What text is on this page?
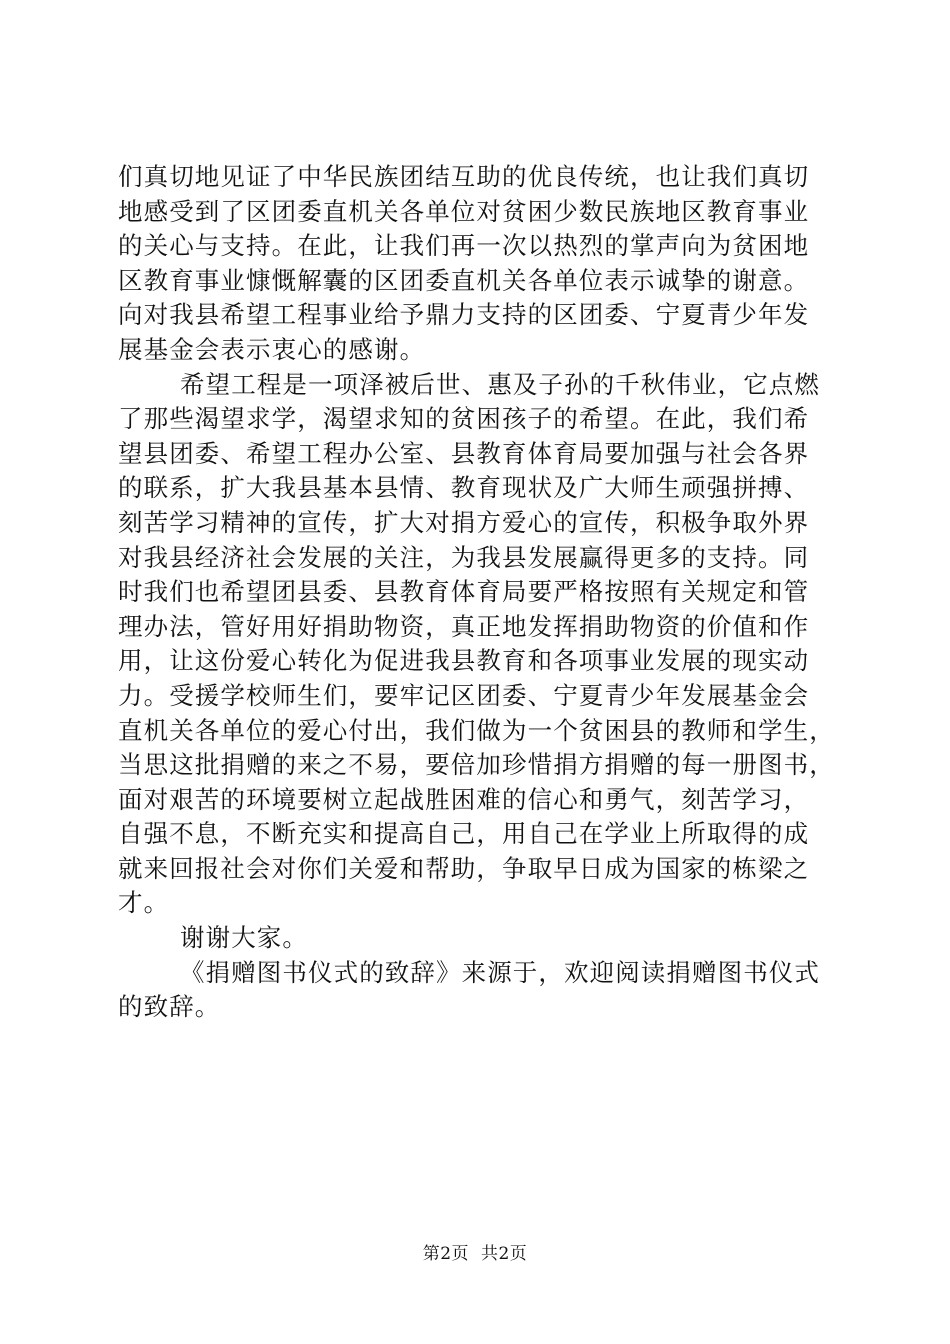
们真切地见证了中华民族团结互助的优良传统，也让我们真切
地感受到了区团委直机关各单位对贫困少数民族地区教育事业
的关心与支持。在此，让我们再一次以热烈的掌声向为贫困地
区教育事业慷慨解囊的区团委直机关各单位表示诚挚的谢意。
向对我县希望工程事业给予鼎力支持的区团委、宁夏青少年发
展基金会表示衷心的感谢。
希望工程是一项泽被后世、惠及子孙的千秋伟业，它点燃
了那些渴望求学，渴望求知的贫困孩子的希望。在此，我们希
望县团委、希望工程办公室、县教育体育局要加强与社会各界
的联系，扩大我县基本县情、教育现状及广大师生顽强拼搏、
刻苦学习精神的宣传，扩大对捐方爱心的宣传，积极争取外界
对我县经济社会发展的关注，为我县发展赢得更多的支持。同
时我们也希望团县委、县教育体育局要严格按照有关规定和管
理办法，管好用好捐助物资，真正地发挥捐助物资的价值和作
用，让这份爱心转化为促进我县教育和各项事业发展的现实动
力。受援学校师生们，要牢记区团委、宁夏青少年发展基金会
直机关各单位的爱心付出，我们做为一个贫困县的教师和学生，
当思这批捐赠的来之不易，要倍加珍惜捐方捐赠的每一册图书，
面对艰苦的环境要树立起战胜困难的信心和勇气，刻苦学习，
自强不息，不断充实和提高自己，用自己在学业上所取得的成
就来回报社会对你们关爱和帮助，争取早日成为国家的栋梁之
才。
谢谢大家。
《捐赠图书仪式的致辞》来源于，欢迎阅读捐赠图书仪式
的致辞。
第2页 共2页
